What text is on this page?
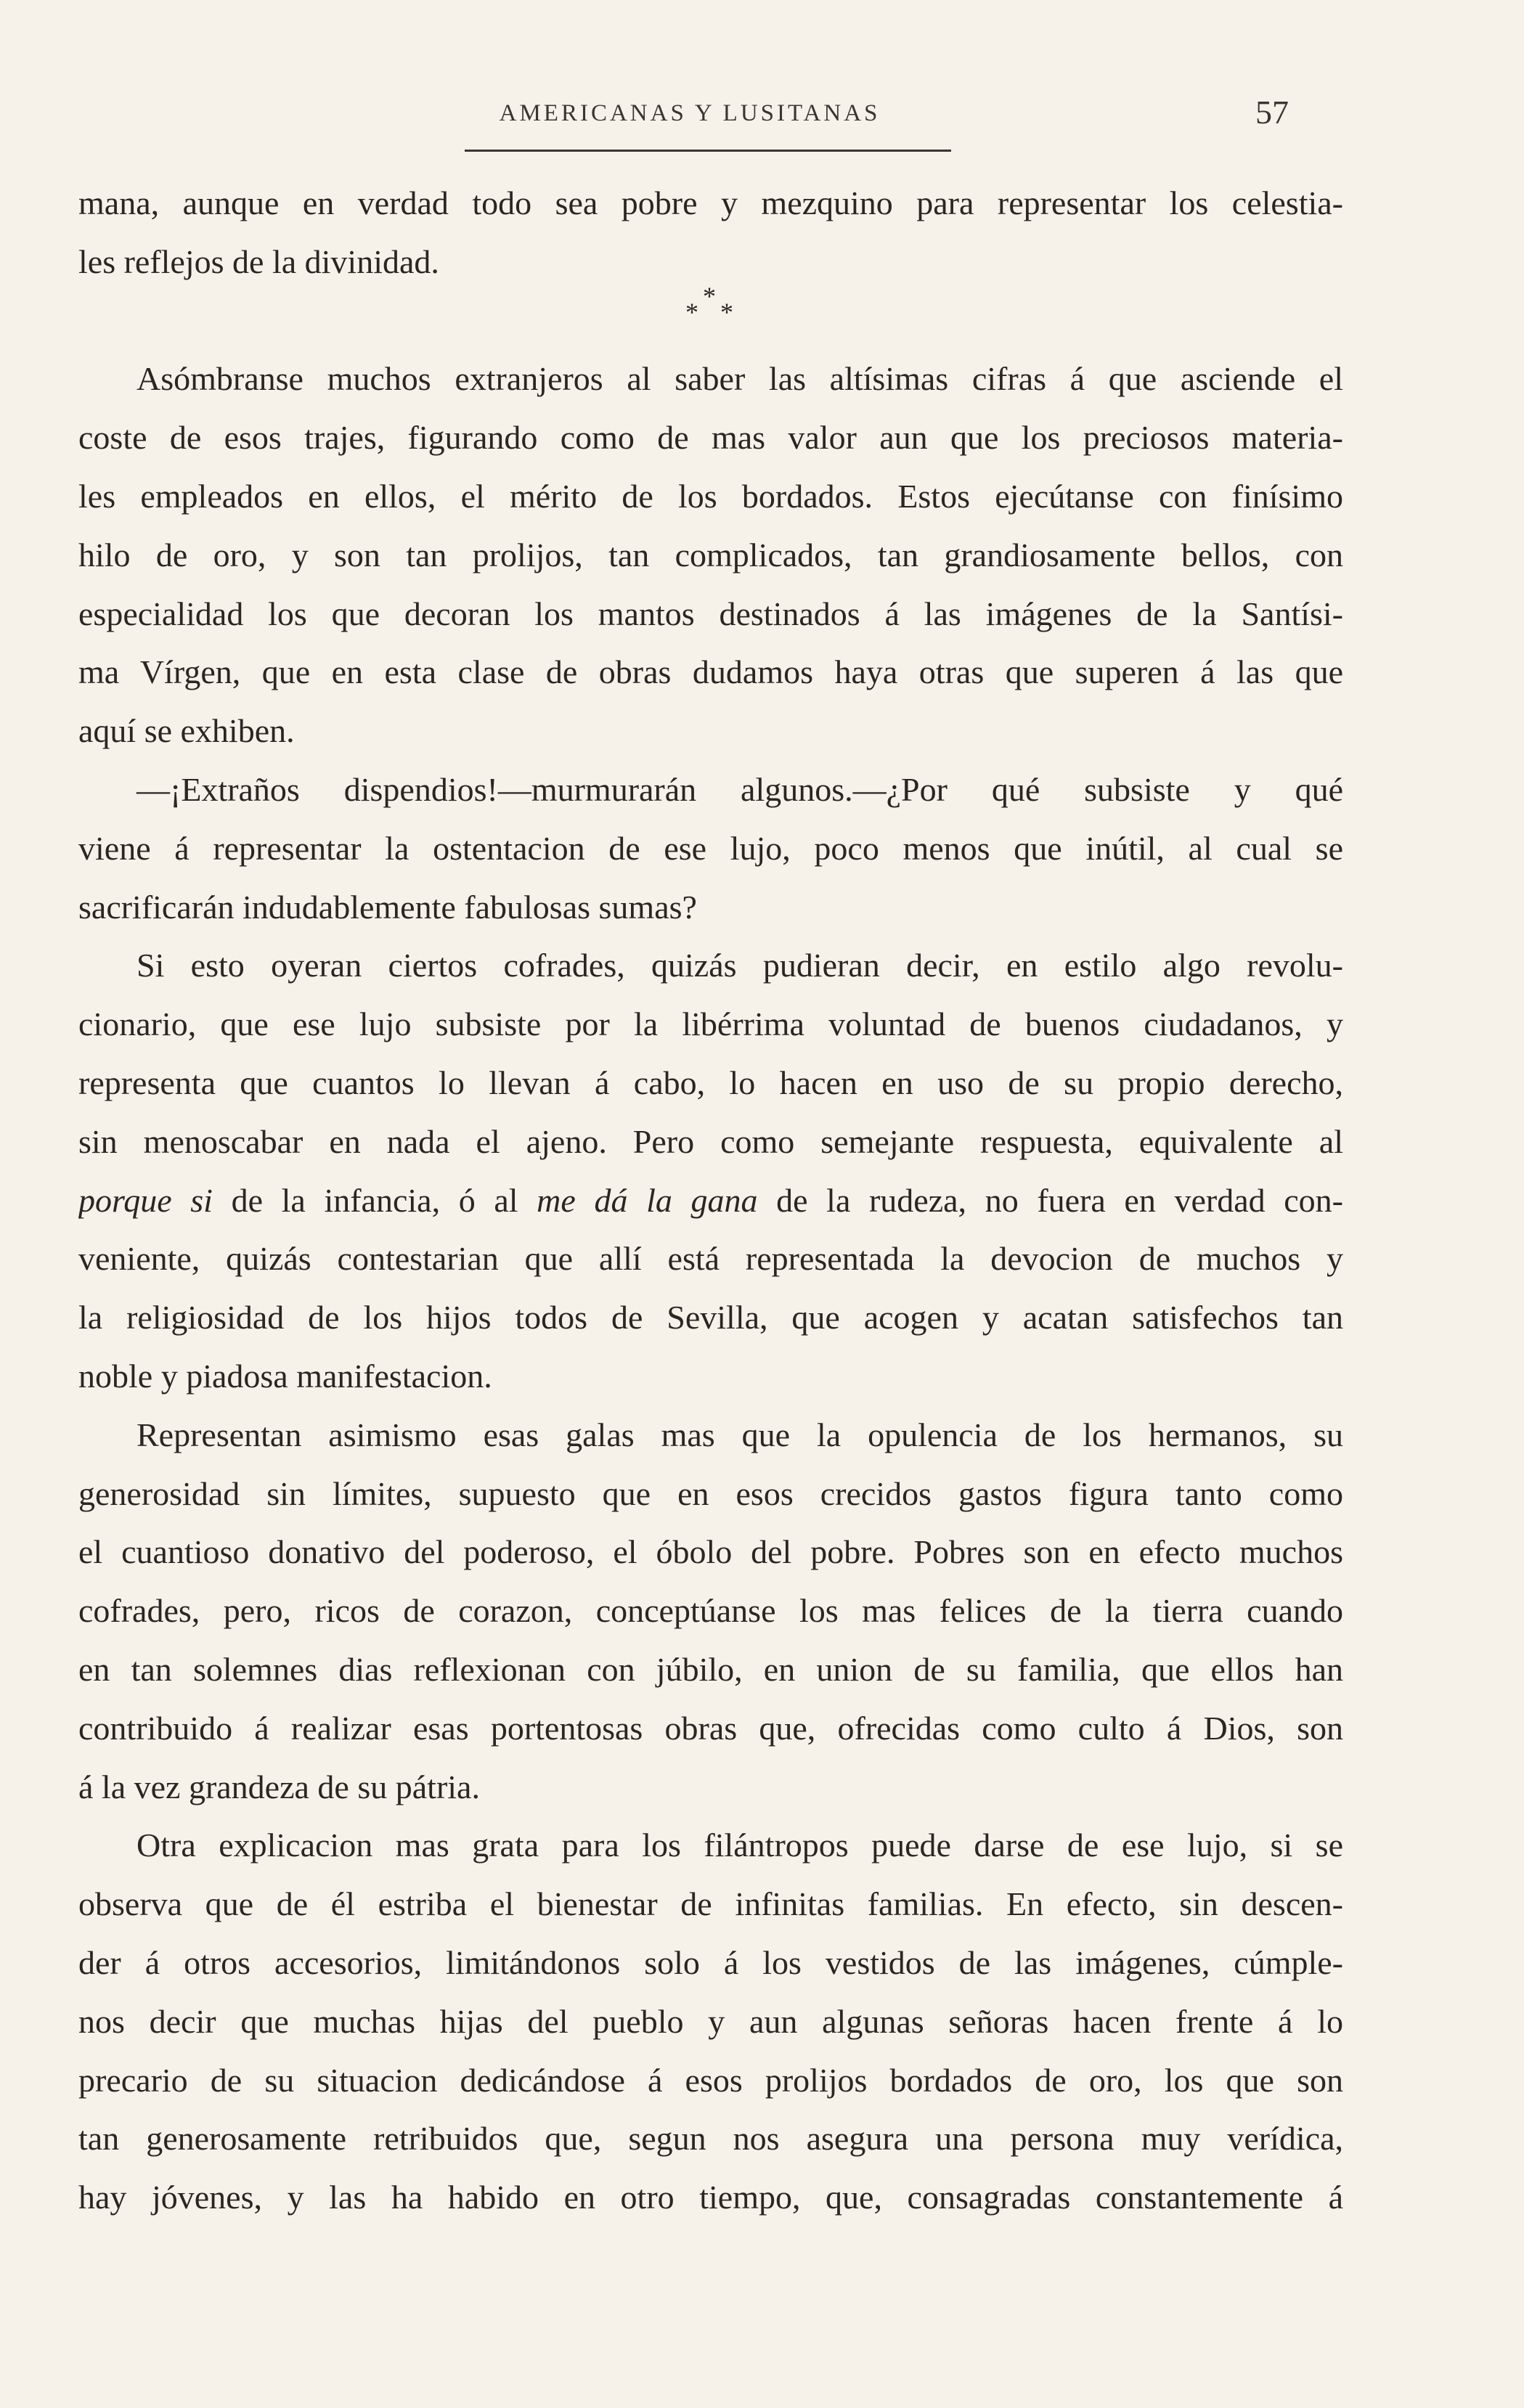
AMERICANAS Y LUSITANAS	57
*
* *
mana, aunque en verdad todo sea pobre y mezquino para representar los celestia-
les reflejos de la divinidad.
Asómbranse muchos extranjeros al saber las altísimas cifras á que asciende el
coste de esos trajes, figurando como de mas valor aun que los preciosos materia-
les empleados en ellos, el mérito de los bordados. Estos ejecútanse con finísimo
hilo de oro, y son tan prolijos, tan complicados, tan grandiosamente bellos, con
especialidad los que decoran los mantos destinados á las imágenes de la Santísi-
ma Vírgen, que en esta clase de obras dudamos haya otras que superen á las que
aquí se exhiben.
—¡Extraños dispendios!—murmurarán algunos.—¿Por qué subsiste y qué
viene á representar la ostentacion de ese lujo, poco menos que inútil, al cual se
sacrificarán indudablemente fabulosas sumas?
Si esto oyeran ciertos cofrades, quizás pudieran decir, en estilo algo revolu-
cionario, que ese lujo subsiste por la libérrima voluntad de buenos ciudadanos, y
representa que cuantos lo llevan á cabo, lo hacen en uso de su propio derecho,
sin menoscabar en nada el ajeno. Pero como semejante respuesta, equivalente al
porque si de la infancia, ó al me dá la gana de la rudeza, no fuera en verdad con-
veniente, quizás contestarian que allí está representada la devocion de muchos y
la religiosidad de los hijos todos de Sevilla, que acogen y acatan satisfechos tan
noble y piadosa manifestacion.
Representan asimismo esas galas mas que la opulencia de los hermanos, su
generosidad sin límites, supuesto que en esos crecidos gastos figura tanto como
el cuantioso donativo del poderoso, el óbolo del pobre. Pobres son en efecto muchos
cofrades, pero, ricos de corazon, conceptúanse los mas felices de la tierra cuando
en tan solemnes dias reflexionan con júbilo, en union de su familia, que ellos han
contribuido á realizar esas portentosas obras que, ofrecidas como culto á Dios, son
á la vez grandeza de su pátria.
Otra explicacion mas grata para los filántropos puede darse de ese lujo, si se
observa que de él estriba el bienestar de infinitas familias. En efecto, sin descen-
der á otros accesorios, limitándonos solo á los vestidos de las imágenes, cúmple-
nos decir que muchas hijas del pueblo y aun algunas señoras hacen frente á lo
precario de su situacion dedicándose á esos prolijos bordados de oro, los que son
tan generosamente retribuidos que, segun nos asegura una persona muy verídica,
hay jóvenes, y las ha habido en otro tiempo, que, consagradas constantemente á
